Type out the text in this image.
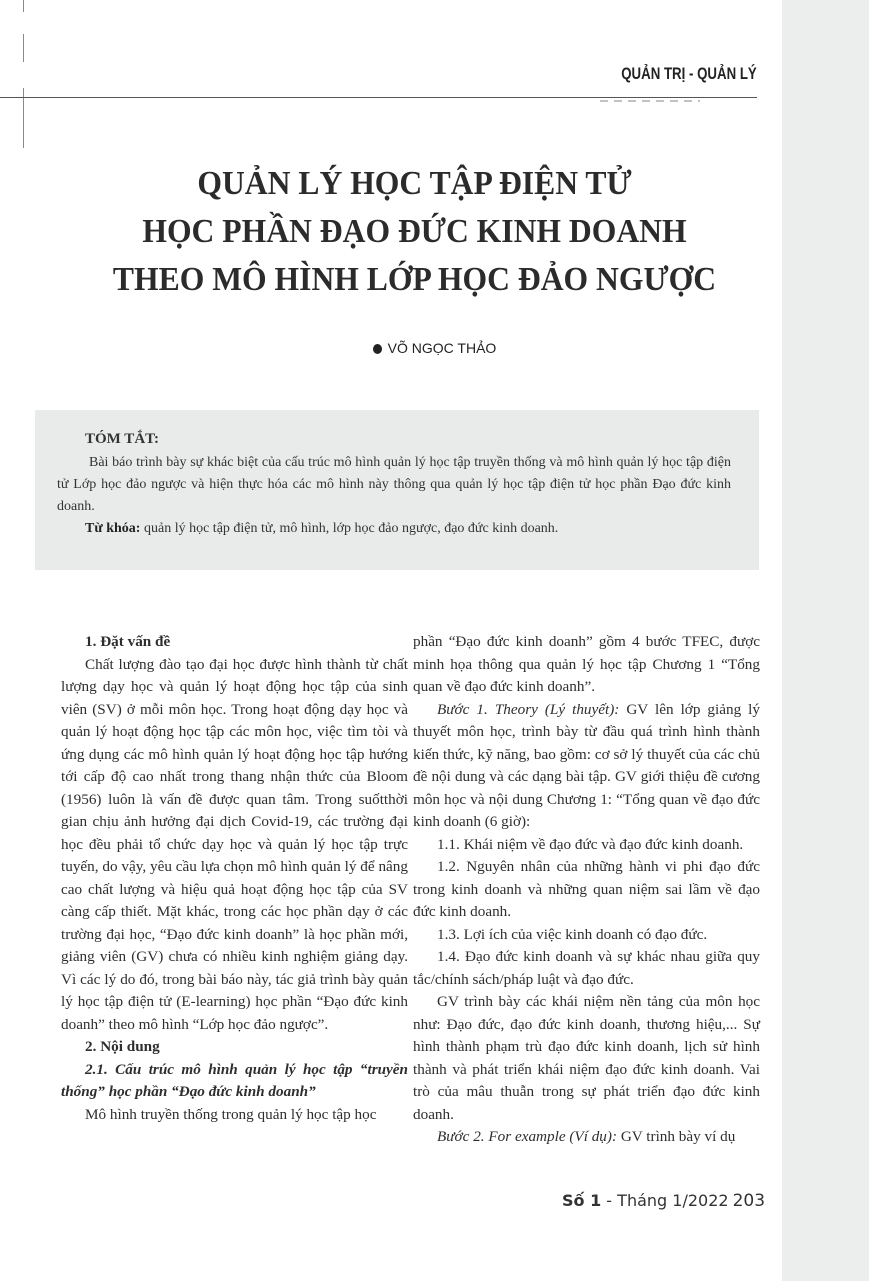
QUẢN TRỊ - QUẢN LÝ
QUẢN LÝ HỌC TẬP ĐIỆN TỬ
HỌC PHẦN ĐẠO ĐỨC KINH DOANH
THEO MÔ HÌNH LỚP HỌC ĐẢO NGƯỢC
VÕ NGỌC THẢO
TÓM TẮT:

Bài báo trình bày sự khác biệt của cấu trúc mô hình quản lý học tập truyền thống và mô hình quản lý học tập điện tử Lớp học đảo ngược và hiện thực hóa các mô hình này thông qua quản lý học tập điện tử học phần Đạo đức kinh doanh.

Từ khóa: quản lý học tập điện tử, mô hình, lớp học đảo ngược, đạo đức kinh doanh.

1. Đặt vấn đề

Chất lượng đào tạo đại học được hình thành từ chất lượng dạy học và quản lý hoạt động học tập của sinh viên (SV) ở mỗi môn học. Trong hoạt động dạy học và quản lý hoạt động học tập các môn học, việc tìm tòi và ứng dụng các mô hình quản lý hoạt động học tập hướng tới cấp độ cao nhất trong thang nhận thức của Bloom (1956) luôn là vấn đề được quan tâm. Trong suốtthời gian chịu ảnh hưởng đại dịch Covid-19, các trường đại học đều phải tổ chức dạy học và quản lý học tập trực tuyến, do vậy, yêu cầu lựa chọn mô hình quản lý để nâng cao chất lượng và hiệu quả hoạt động học tập của SV càng cấp thiết. Mặt khác, trong các học phần dạy ở các trường đại học, “Đạo đức kinh doanh” là học phần mới, giảng viên (GV) chưa có nhiều kinh nghiệm giảng dạy. Vì các lý do đó, trong bài báo này, tác giả trình bày quản lý học tập điện tử (E-learning) học phần “Đạo đức kinh doanh” theo mô hình “Lớp học đảo ngược”.

2. Nội dung

2.1. Cấu trúc mô hình quản lý học tập “truyền thống” học phần “Đạo đức kinh doanh”

Mô hình truyền thống trong quản lý học tập học

phần “Đạo đức kinh doanh” gồm 4 bước TFEC, được minh họa thông qua quản lý học tập Chương 1 “Tổng quan về đạo đức kinh doanh”.

Bước 1. Theory (Lý thuyết): GV lên lớp giảng lý thuyết môn học, trình bày từ đầu quá trình hình thành kiến thức, kỹ năng, bao gồm: cơ sở lý thuyết của các chủ đề nội dung và các dạng bài tập. GV giới thiệu đề cương môn học và nội dung Chương 1: “Tổng quan về đạo đức kinh doanh (6 giờ):

1.1. Khái niệm về đạo đức và đạo đức kinh doanh.

1.2. Nguyên nhân của những hành vi phi đạo đức trong kinh doanh và những quan niệm sai lầm về đạo đức kinh doanh.

1.3. Lợi ích của việc kinh doanh có đạo đức.

1.4. Đạo đức kinh doanh và sự khác nhau giữa quy tắc/chính sách/pháp luật và đạo đức.

GV trình bày các khái niệm nền tảng của môn học như: Đạo đức, đạo đức kinh doanh, thương hiệu,... Sự hình thành phạm trù đạo đức kinh doanh, lịch sử hình thành và phát triển khái niệm đạo đức kinh doanh. Vai trò của mâu thuẫn trong sự phát triển đạo đức kinh doanh.

Bước 2. For example (Ví dụ): GV trình bày ví dụ

Số 1 - Tháng 1/2022 203
